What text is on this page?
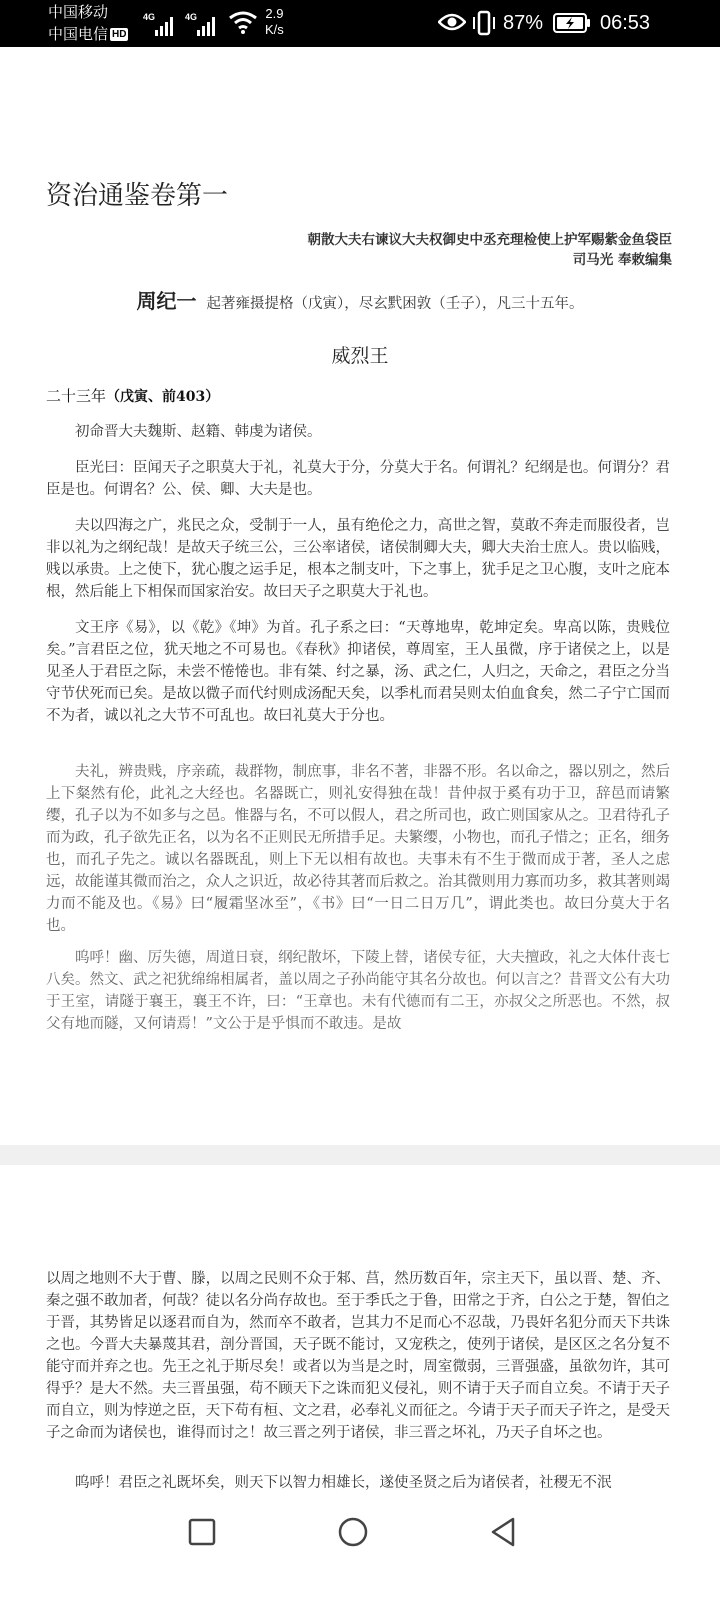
中国移动
中国电信 HD
4G	4G	2.9
K/s	87%	06:53
资治通鉴卷第一
朝散大夫右谏议大夫权御史中丞充理检使上护军赐紫金鱼袋臣
司马光 奉敕编集
周纪一 起著雍摄提格（戊寅），尽玄黓困敦（壬子），凡三十五年。
威烈王
二十三年（戊寅、前403）

初命晋大夫魏斯、赵籍、韩虔为诸侯。

臣光曰：臣闻天子之职莫大于礼，礼莫大于分，分莫大于名。何谓礼？纪纲是也。何谓分？君臣是也。何谓名？公、侯、卿、大夫是也。

夫以四海之广，兆民之众，受制于一人，虽有绝伦之力，高世之智，莫敢不奔走而服役者，岂非以礼为之纲纪哉！是故天子统三公，三公率诸侯，诸侯制卿大夫，卿大夫治士庶人。贵以临贱，贱以承贵。上之使下，犹心腹之运手足，根本之制支叶，下之事上，犹手足之卫心腹，支叶之庇本根，然后能上下相保而国家治安。故曰天子之职莫大于礼也。

文王序《易》，以《乾》《坤》为首。孔子系之曰：“天尊地卑，乾坤定矣。卑高以陈，贵贱位矣。”言君臣之位，犹天地之不可易也。《春秋》抑诸侯，尊周室，王人虽微，序于诸侯之上，以是见圣人于君臣之际，未尝不惓惓也。非有桀、纣之暴，汤、武之仁，人归之，天命之，君臣之分当守节伏死而已矣。是故以微子而代纣则成汤配天矣，以季札而君吴则太伯血食矣，然二子宁亡国而不为者，诚以礼之大节不可乱也。故曰礼莫大于分也。

夫礼，辨贵贱，序亲疏，裁群物，制庶事，非名不著，非器不形。名以命之，器以别之，然后上下粲然有伦，此礼之大经也。名器既亡，则礼安得独在哉！昔仲叔于奚有功于卫，辞邑而请繁缨，孔子以为不如多与之邑。惟器与名，不可以假人，君之所司也，政亡则国家从之。卫君待孔子而为政，孔子欲先正名，以为名不正则民无所措手足。夫繁缨，小物也，而孔子惜之；正名，细务也，而孔子先之。诚以名器既乱，则上下无以相有故也。夫事未有不生于微而成于著，圣人之虑远，故能谨其微而治之，众人之识近，故必待其著而后救之。治其微则用力寡而功多，救其著则竭力而不能及也。《易》曰“履霜坚冰至”，《书》曰“一日二日万几”，谓此类也。故曰分莫大于名也。

呜呼！幽、厉失德，周道日衰，纲纪散坏，下陵上替，诸侯专征，大夫擅政，礼之大体什丧七八矣。然文、武之祀犹绵绵相属者，盖以周之子孙尚能守其名分故也。何以言之？昔晋文公有大功于王室，请隧于襄王，襄王不许，曰：“王章也。未有代德而有二王，亦叔父之所恶也。不然，叔父有地而隧，又何请焉！”文公于是乎惧而不敢违。是故

以周之地则不大于曹、滕，以周之民则不众于邾、莒，然历数百年，宗主天下，虽以晋、楚、齐、秦之强不敢加者，何哉？徒以名分尚存故也。至于季氏之于鲁，田常之于齐，白公之于楚，智伯之于晋，其势皆足以逐君而自为，然而卒不敢者，岂其力不足而心不忍哉，乃畏奸名犯分而天下共诛之也。今晋大夫暴蔑其君，剖分晋国，天子既不能讨，又宠秩之，使列于诸侯，是区区之名分复不能守而并弃之也。先王之礼于斯尽矣！或者以为当是之时，周室微弱，三晋强盛，虽欲勿许，其可得乎？是大不然。夫三晋虽强，苟不顾天下之诛而犯义侵礼，则不请于天子而自立矣。不请于天子而自立，则为悖逆之臣，天下苟有桓、文之君，必奉礼义而征之。今请于天子而天子许之，是受天子之命而为诸侯也，谁得而讨之！故三晋之列于诸侯，非三晋之坏礼，乃天子自坏之也。

呜呼！君臣之礼既坏矣，则天下以智力相雄长，遂使圣贤之后为诸侯者，社稷无不泯
